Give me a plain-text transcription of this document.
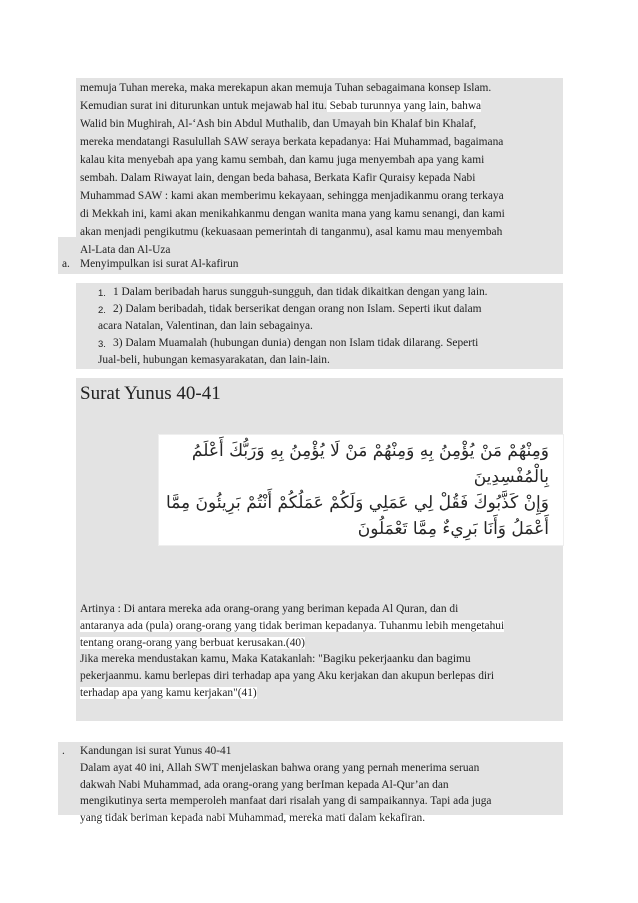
memuja Tuhan mereka, maka merekapun akan memuja Tuhan sebagaimana konsep Islam.
Kemudian surat ini diturunkan untuk mejawab hal itu. Sebab turunnya yang lain, bahwa
Walid bin Mughirah, Al-‘Ash bin Abdul Muthalib, dan Umayah bin Khalaf bin Khalaf,
mereka mendatangi Rasulullah SAW seraya berkata kepadanya: Hai Muhammad, bagaimana
kalau kita menyebah apa yang kamu sembah, dan kamu juga menyembah apa yang kami
sembah. Dalam Riwayat lain, dengan beda bahasa, Berkata Kafir Quraisy kepada Nabi
Muhammad SAW : kami akan memberimu kekayaan, sehingga menjadikanmu orang terkaya
di Mekkah ini, kami akan menikahkanmu dengan wanita mana yang kamu senangi, dan kami
akan menjadi pengikutmu (kekuasaan pemerintah di tanganmu), asal kamu mau menyembah
Al-Lata dan Al-Uza
a. Menyimpulkan isi surat Al-kafirun
1. 1 Dalam beribadah harus sungguh-sungguh, dan tidak dikaitkan dengan yang lain.
2. 2) Dalam beribadah, tidak berserikat dengan orang non Islam. Seperti ikut dalam
acara Natalan, Valentinan, dan lain sebagainya.
3. 3) Dalam Muamalah (hubungan dunia) dengan non Islam tidak dilarang. Seperti
Jual-beli, hubungan kemasyarakatan, dan lain-lain.
Surat Yunus 40-41
وَمِنْهُمْ مَنْ يُؤْمِنُ بِهِ وَمِنْهُمْ مَنْ لَا يُؤْمِنُ بِهِ وَرَبُّكَ أَعْلَمُ
بِالْمُفْسِدِينَ
وَإِنْ كَذَّبُوكَ فَقُلْ لِي عَمَلِي وَلَكُمْ عَمَلُكُمْ أَنْتُمْ بَرِيئُونَ مِمَّا
أَعْمَلُ وَأَنَا بَرِيءٌ مِمَّا تَعْمَلُونَ
Artinya : Di antara mereka ada orang-orang yang beriman kepada Al Quran, dan di
antaranya ada (pula) orang-orang yang tidak beriman kepadanya. Tuhanmu lebih mengetahui
tentang orang-orang yang berbuat kerusakan.(40)
Jika mereka mendustakan kamu, Maka Katakanlah: "Bagiku pekerjaanku dan bagimu
pekerjaanmu. kamu berlepas diri terhadap apa yang Aku kerjakan dan akupun berlepas diri
terhadap apa yang kamu kerjakan"(41)
. Kandungan isi surat Yunus 40-41
Dalam ayat 40 ini, Allah SWT menjelaskan bahwa orang yang pernah menerima seruan
dakwah Nabi Muhammad, ada orang-orang yang berIman kepada Al-Qur’an dan
mengikutinya serta memperoleh manfaat dari risalah yang di sampaikannya. Tapi ada juga
yang tidak beriman kepada nabi Muhammad, mereka mati dalam kekafiran.
